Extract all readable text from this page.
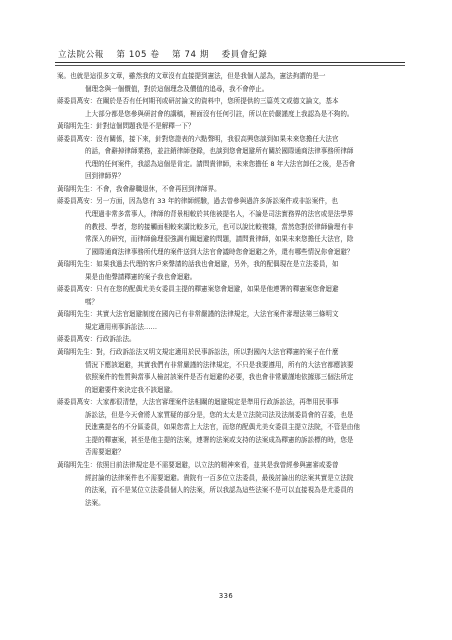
立法院公報 第 105 卷 第 74 期 委員會紀錄

案。也就是這很多文章，雖然我的文章沒有直接提到憲法，但是我個人認為，憲法拘謂的是一
個理念與一個價值，對於這個理念及價值的追尋，我不會停止。

蔣委員萬安：在關於是否有任何期刊或研討論文的資料中，您所提供的三篇英文或德文論文，基本
上大部分都是您參與研討會的講稿，裡面沒有任何引註，所以在於嚴謹度上我認為是不夠的。

黃瑞明先生：針對這個問題我是不是解釋一下？

蔣委員萬安：沒有關係，接下來，針對您證表的六點聲明，我很高興您談到如果未來您擔任大法官
的話，會辭掉律師業務，並註銷律師登錄，也談到您會迴避所有關於國際通商法律事務所律師
代理的任何案件，我認為這個是肯定。請問貴律師，未來您擔任 8 年大法官卸任之後，是否會
回到律師界？

黃瑞明先生：不會，我會辭職退休，不會再回到律師界。

蔣委員萬安：另一方面，因為您有 33 年的律師經驗，過去曾參與過許多訴訟案件或非訟案件，也
代理過非常多當事人，律師的背景相較於其他被提名人，不論是司法實務界的法官或是法學界
的教授、學者，您的接觸面相較來講比較多元，也可以說比較複雜，當然您對於律師倫理有非
常深入的研究，而律師倫理很強調有關迴避的問題，請問貴律師，如果未來您擔任大法官，除
了國際通商法律事務所代理的案件送到大法官會議時您會迴避之外，還有哪些情況你會迴避？

黃瑞明先生：如果我過去代理的客戶來聲請的話我也會迴避，另外，我的配偶現在是立法委員，如
果是由他聲請釋憲的案子我也會迴避。

蔣委員萬安：只有在您的配偶尤美女委員主提的釋憲案您會迴避，如果是他連署的釋憲案您會迴避
嗎？

黃瑞明先生：其實大法官迴避制度在國內已有非常嚴謹的法律規定，大法官案件審理法第三條明文
規定適用刑事訴訟法……

蔣委員萬安：行政訴訟法。

黃瑞明先生：對，行政訴訟法又明文規定適用於民事訴訟法，所以對國內大法官釋憲的案子在什麼
情況下應該迴避，其實我們有非常嚴謹的法律規定，不只是我要遵用，所有的大法官都應該要
依照案件的性質與當事人檢討該案件是否有迴避的必要，我也會非常嚴謹地依據那三個法所定
的迴避要件來決定我不該迴避。

蔣委員萬安：大家都很清楚，大法官審理案件法相關的迴避規定是準用行政訴訟法，再準用民事事
訴訟法，但是今天會將人家質疑的部分是，您的太太是立法院司法及法制委員會的召委，也是
民進黨提名的不分區委員，如果您當上大法官，而您的配偶尤美女委員主提立法院，不管是由他
主提的釋憲案，甚至是他主提的法案，連署的法案或支持的法案成為釋憲的訴訟標的時，您是
否需要迴避？

黃瑞明先生：依照目前法律規定是不需要迴避，以立法的精神來看，並其是我曾經參與憲審或委曾
經討論的法律案件也不需要迴避。貴院有一百多位立法委員，最後討論出的法案其實是立法院
的法案，而不是某位立法委員個人的法案，所以我認為這些法案不是可以直接視為是尤委員的
法案。

336
